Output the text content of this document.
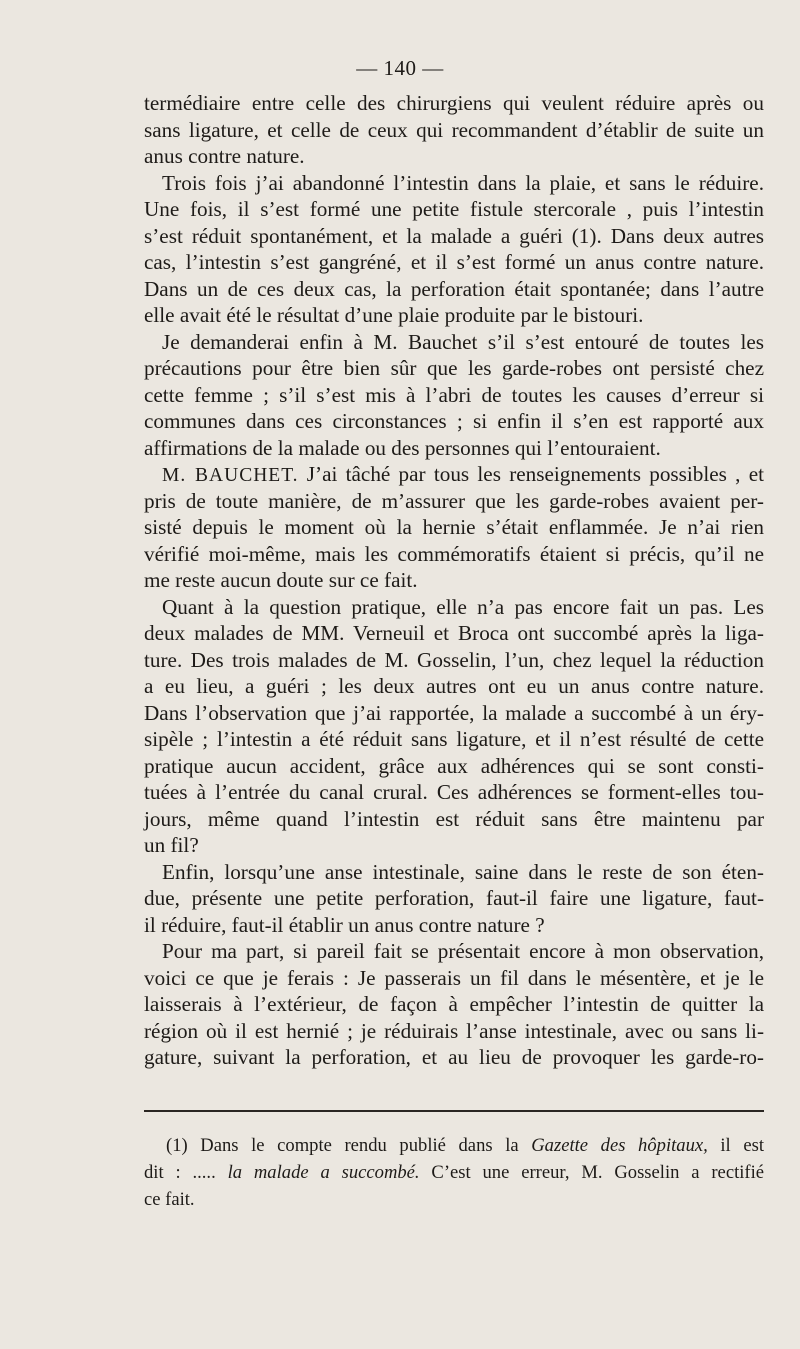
— 140 —
termédiaire entre celle des chirurgiens qui veulent réduire après ou
sans ligature, et celle de ceux qui recommandent d’établir de suite un
anus contre nature.
Trois fois j’ai abandonné l’intestin dans la plaie, et sans le réduire.
Une fois, il s’est formé une petite fistule stercorale , puis l’intestin
s’est réduit spontanément, et la malade a guéri (1). Dans deux autres
cas, l’intestin s’est gangréné, et il s’est formé un anus contre nature.
Dans un de ces deux cas, la perforation était spontanée; dans l’autre
elle avait été le résultat d’une plaie produite par le bistouri.
Je demanderai enfin à M. Bauchet s’il s’est entouré de toutes les
précautions pour être bien sûr que les garde-robes ont persisté chez
cette femme ; s’il s’est mis à l’abri de toutes les causes d’erreur si
communes dans ces circonstances ; si enfin il s’en est rapporté aux
affirmations de la malade ou des personnes qui l’entouraient.
M. BAUCHET. J’ai tâché par tous les renseignements possibles , et
pris de toute manière, de m’assurer que les garde-robes avaient per-
sisté depuis le moment où la hernie s’était enflammée. Je n’ai rien
vérifié moi-même, mais les commémoratifs étaient si précis, qu’il ne
me reste aucun doute sur ce fait.
Quant à la question pratique, elle n’a pas encore fait un pas. Les
deux malades de MM. Verneuil et Broca ont succombé après la liga-
ture. Des trois malades de M. Gosselin, l’un, chez lequel la réduction
a eu lieu, a guéri ; les deux autres ont eu un anus contre nature.
Dans l’observation que j’ai rapportée, la malade a succombé à un éry-
sipèle ; l’intestin a été réduit sans ligature, et il n’est résulté de cette
pratique aucun accident, grâce aux adhérences qui se sont consti-
tuées à l’entrée du canal crural. Ces adhérences se forment-elles tou-
jours, même quand l’intestin est réduit sans être maintenu par
un fil?
Enfin, lorsqu’une anse intestinale, saine dans le reste de son éten-
due, présente une petite perforation, faut-il faire une ligature, faut-
il réduire, faut-il établir un anus contre nature ?
Pour ma part, si pareil fait se présentait encore à mon observation,
voici ce que je ferais : Je passerais un fil dans le mésentère, et je le
laisserais à l’extérieur, de façon à empêcher l’intestin de quitter la
région où il est hernié ; je réduirais l’anse intestinale, avec ou sans li-
gature, suivant la perforation, et au lieu de provoquer les garde-ro-
(1) Dans le compte rendu publié dans la Gazette des hôpitaux, il est
dit : ..... la malade a succombé. C’est une erreur, M. Gosselin a rectifié
ce fait.
